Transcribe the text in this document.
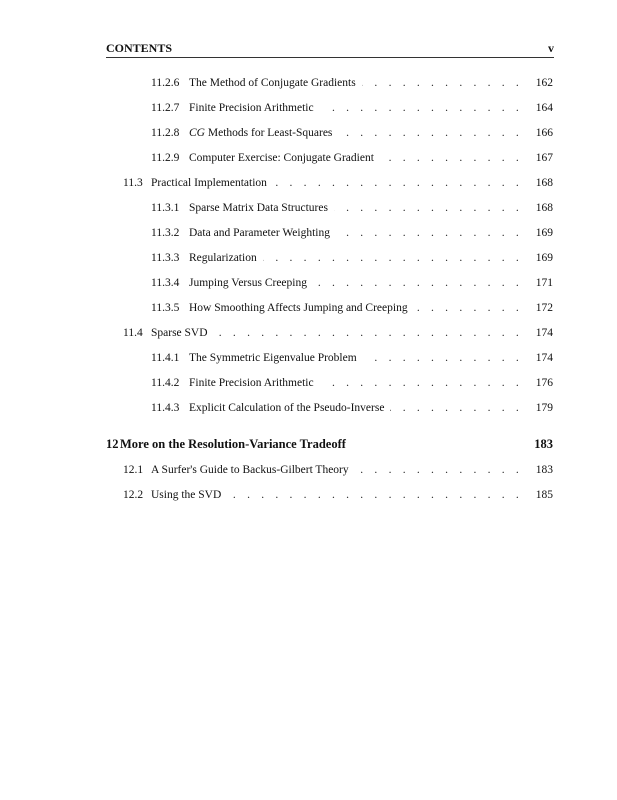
CONTENTS	v
11.2.6 The Method of Conjugate Gradients . . .	162
11.2.7 Finite Precision Arithmetic . . .	164
11.2.8 CG Methods for Least-Squares . . .	166
11.2.9 Computer Exercise: Conjugate Gradient . . .	167
11.3 Practical Implementation . . .	168
11.3.1 Sparse Matrix Data Structures . . .	168
11.3.2 Data and Parameter Weighting . . .	169
11.3.3 Regularization . . .	169
11.3.4 Jumping Versus Creeping . . .	171
11.3.5 How Smoothing Affects Jumping and Creeping . . .	172
11.4 Sparse SVD . . .	174
11.4.1 The Symmetric Eigenvalue Problem . . .	174
11.4.2 Finite Precision Arithmetic . . .	176
11.4.3 Explicit Calculation of the Pseudo-Inverse . . .	179
12 More on the Resolution-Variance Tradeoff	183
12.1 A Surfer's Guide to Backus-Gilbert Theory . . .	183
12.2 Using the SVD . . .	185
